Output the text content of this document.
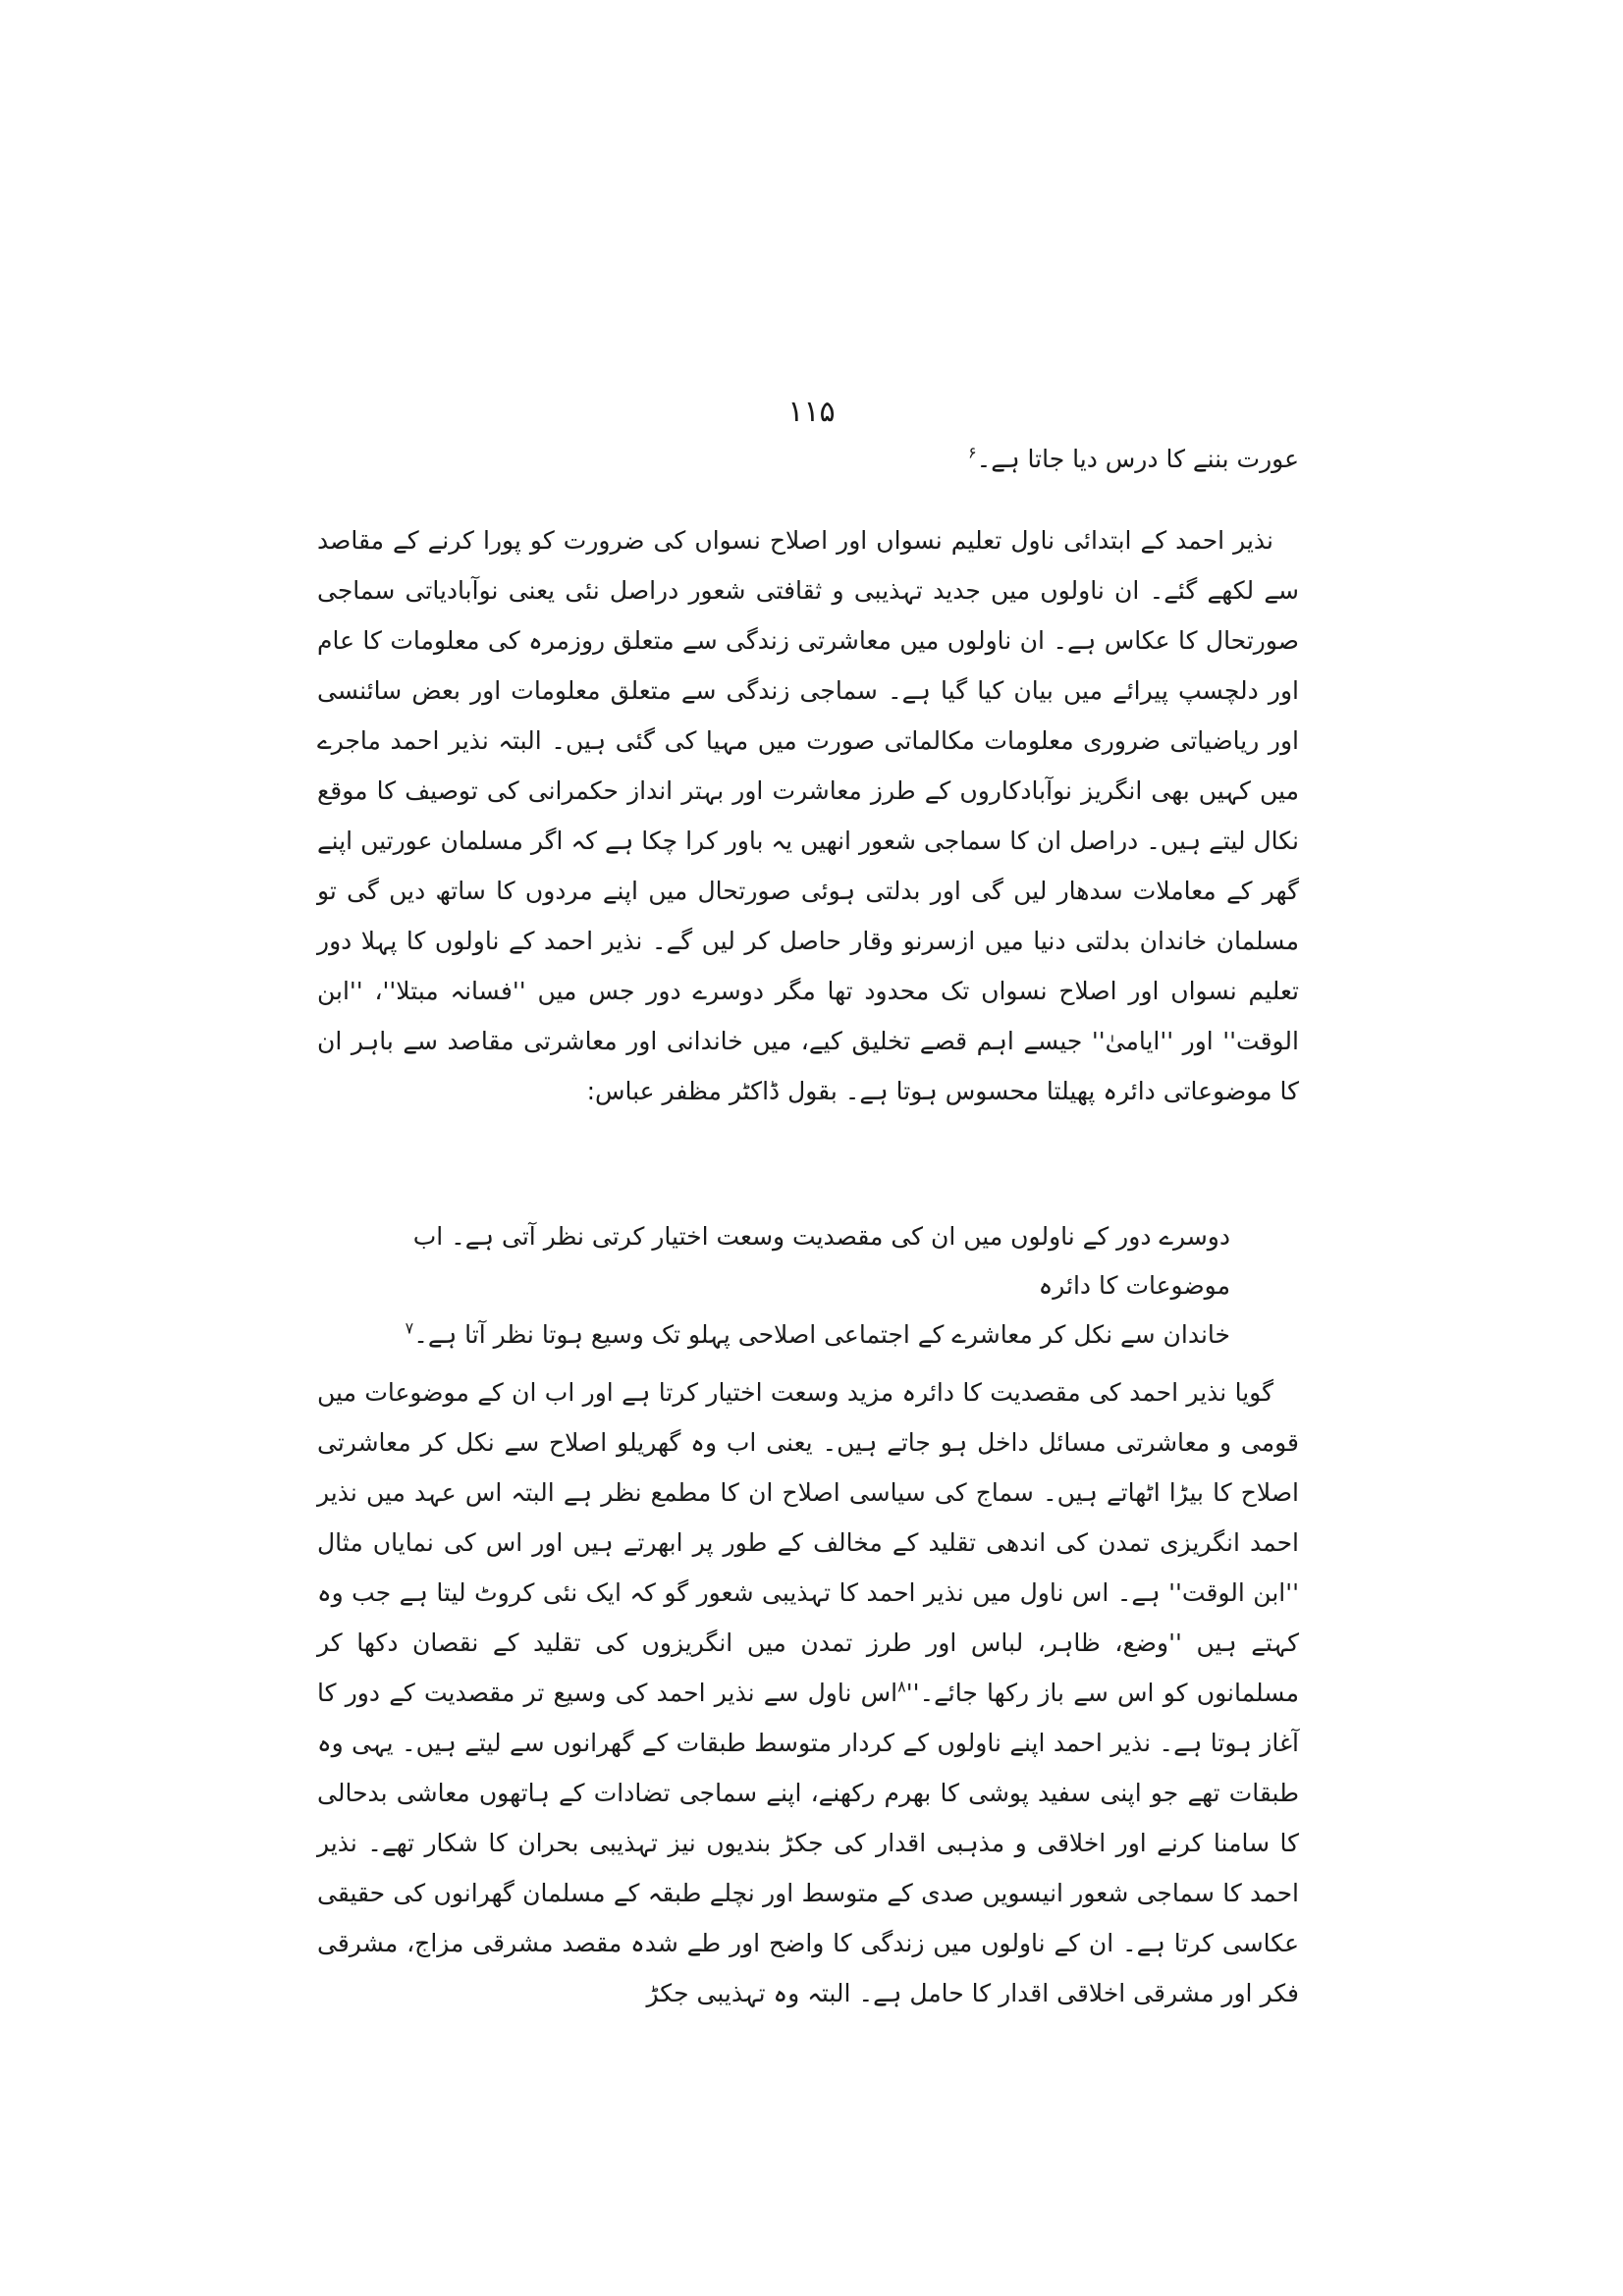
۱۱۵

عورت بننے کا درس دیا جاتا ہے۔$^۶$

نذیر احمد کے ابتدائی ناول تعلیم نسواں اور اصلاح نسواں کی ضرورت کو پورا کرنے کے مقاصد سے لکھے گئے۔ ان ناولوں میں جدید تہذیبی و ثقافتی شعور دراصل نئی یعنی نوآبادیاتی سماجی صورتحال کا عکاس ہے۔ ان ناولوں میں معاشرتی زندگی سے متعلق روزمرہ کی معلومات کا عام اور دلچسپ پیرائے میں بیان کیا گیا ہے۔ سماجی زندگی سے متعلق معلومات اور بعض سائنسی اور ریاضیاتی ضروری معلومات مکالماتی صورت میں مہیا کی گئی ہیں۔ البتہ نذیر احمد ماجرے میں کہیں بھی انگریز نوآبادکاروں کے طرز معاشرت اور بہتر انداز حکمرانی کی توصیف کا موقع نکال لیتے ہیں۔ دراصل ان کا سماجی شعور انھیں یہ باور کرا چکا ہے کہ اگر مسلمان عورتیں اپنے گھر کے معاملات سدھار لیں گی اور بدلتی ہوئی صورتحال میں اپنے مردوں کا ساتھ دیں گی تو مسلمان خاندان بدلتی دنیا میں ازسرنو وقار حاصل کر لیں گے۔ نذیر احمد کے ناولوں کا پہلا دور تعلیم نسواں اور اصلاح نسواں تک محدود تھا مگر دوسرے دور جس میں ''فسانہ مبتلا''، ''ابن الوقت'' اور ''ایامیٰ'' جیسے اہم قصے تخلیق کیے، میں خاندانی اور معاشرتی مقاصد سے باہر ان کا موضوعاتی دائرہ پھیلتا محسوس ہوتا ہے۔ بقول ڈاکٹر مظفر عباس:

دوسرے دور کے ناولوں میں ان کی مقصدیت وسعت اختیار کرتی نظر آتی ہے۔ اب موضوعات کا دائرہ
خاندان سے نکل کر معاشرے کے اجتماعی اصلاحی پہلو تک وسیع ہوتا نظر آتا ہے۔$^۷$

گویا نذیر احمد کی مقصدیت کا دائرہ مزید وسعت اختیار کرتا ہے اور اب ان کے موضوعات میں قومی و معاشرتی مسائل داخل ہو جاتے ہیں۔ یعنی اب وہ گھریلو اصلاح سے نکل کر معاشرتی اصلاح کا بیڑا اٹھاتے ہیں۔ سماج کی سیاسی اصلاح ان کا مطمع نظر ہے البتہ اس عہد میں نذیر احمد انگریزی تمدن کی اندھی تقلید کے مخالف کے طور پر ابھرتے ہیں اور اس کی نمایاں مثال ''ابن الوقت'' ہے۔ اس ناول میں نذیر احمد کا تہذیبی شعور گو کہ ایک نئی کروٹ لیتا ہے جب وہ کہتے ہیں ''وضع، ظاہر، لباس اور طرز تمدن میں انگریزوں کی تقلید کے نقصان دکھا کر مسلمانوں کو اس سے باز رکھا $جائے۔''^۸اس$ ناول سے نذیر احمد کی وسیع تر مقصدیت کے دور کا آغاز ہوتا ہے۔ نذیر احمد اپنے ناولوں کے کردار متوسط طبقات کے گھرانوں سے لیتے ہیں۔ یہی وہ طبقات تھے جو اپنی سفید پوشی کا بھرم رکھنے، اپنے سماجی تضادات کے ہاتھوں معاشی بدحالی کا سامنا کرنے اور اخلاقی و مذہبی اقدار کی جکڑ بندیوں نیز تہذیبی بحران کا شکار تھے۔ نذیر احمد کا سماجی شعور انیسویں صدی کے متوسط اور نچلے طبقہ کے مسلمان گھرانوں کی حقیقی عکاسی کرتا ہے۔ ان کے ناولوں میں زندگی کا واضح اور طے شدہ مقصد مشرقی مزاج، مشرقی فکر اور مشرقی اخلاقی اقدار کا حامل ہے۔ البتہ وہ تہذیبی جکڑ
